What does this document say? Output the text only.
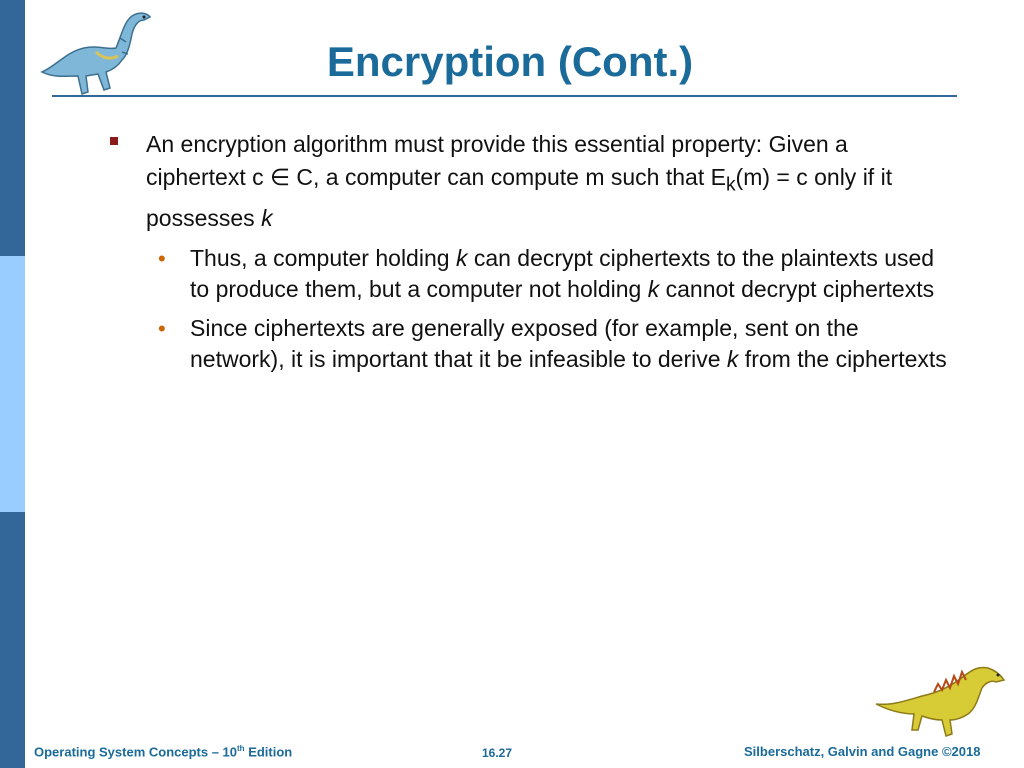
Encryption (Cont.)
An encryption algorithm must provide this essential property: Given a ciphertext c ∈ C, a computer can compute m such that $E_k(m) = c$ only if it possesses k
• Thus, a computer holding k can decrypt ciphertexts to the plaintexts used to produce them, but a computer not holding k cannot decrypt ciphertexts
• Since ciphertexts are generally exposed (for example, sent on the network), it is important that it be infeasible to derive k from the ciphertexts
Operating System Concepts – 10th Edition	16.27	Silberschatz, Galvin and Gagne ©2018
